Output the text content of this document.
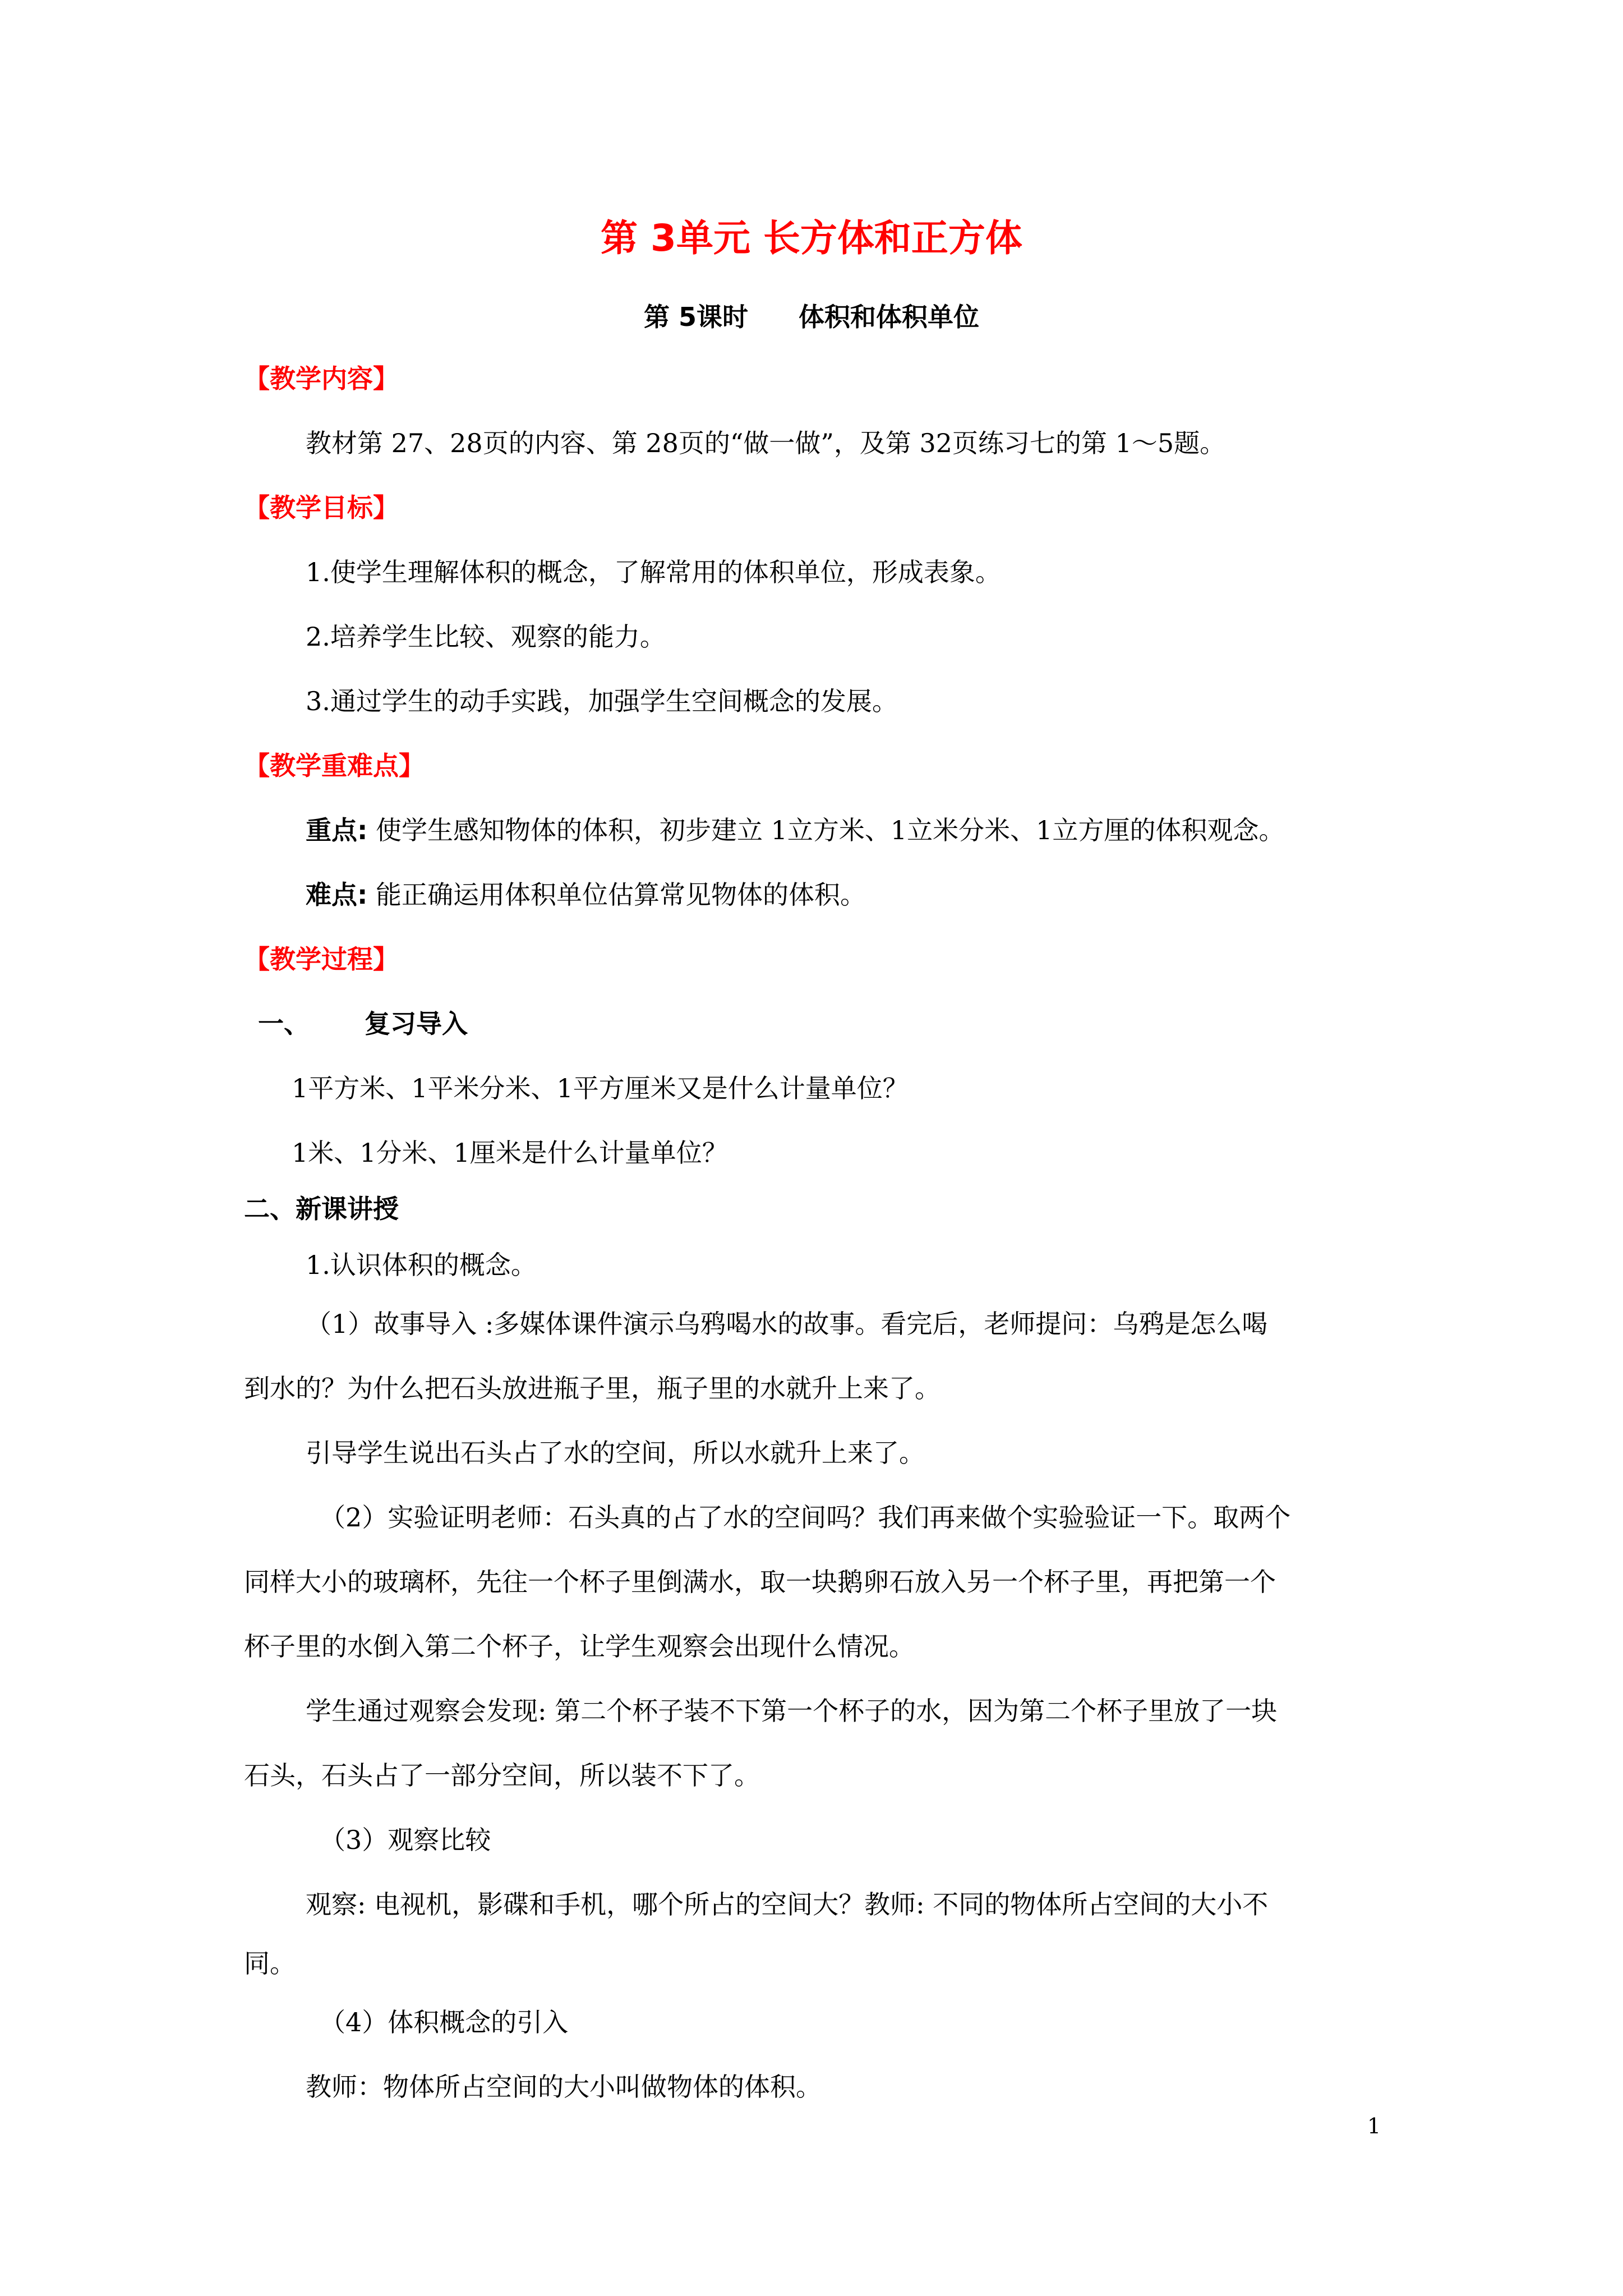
第 3单元 长方体和正方体
第 5课时 体积和体积单位
【教学内容】
教材第 27、28页的内容、第 28页的“做一做”，及第 32页练习七的第 1～5题。
【教学目标】
1.使学生理解体积的概念，了解常用的体积单位，形成表象。
2.培养学生比较、观察的能力。
3.通过学生的动手实践，加强学生空间概念的发展。
【教学重难点】
重点: 使学生感知物体的体积，初步建立 1立方米、1立米分米、1立方厘的体积观念。
难点: 能正确运用体积单位估算常见物体的体积。
【教学过程】
一、 复习导入
1平方米、1平米分米、1平方厘米又是什么计量单位？
1米、1分米、1厘米是什么计量单位？
二、新课讲授
1.认识体积的概念。
（1）故事导入 :多媒体课件演示乌鸦喝水的故事。看完后，老师提问：乌鸦是怎么喝
到水的？为什么把石头放进瓶子里，瓶子里的水就升上来了。
引导学生说出石头占了水的空间，所以水就升上来了。
（2）实验证明老师：石头真的占了水的空间吗？我们再来做个实验验证一下。取两个
同样大小的玻璃杯，先往一个杯子里倒满水，取一块鹅卵石放入另一个杯子里，再把第一个
杯子里的水倒入第二个杯子，让学生观察会出现什么情况。
学生通过观察会发现: 第二个杯子装不下第一个杯子的水，因为第二个杯子里放了一块
石头，石头占了一部分空间，所以装不下了。
（3）观察比较
观察: 电视机，影碟和手机，哪个所占的空间大？教师: 不同的物体所占空间的大小不
同。
（4）体积概念的引入
教师：物体所占空间的大小叫做物体的体积。
1
